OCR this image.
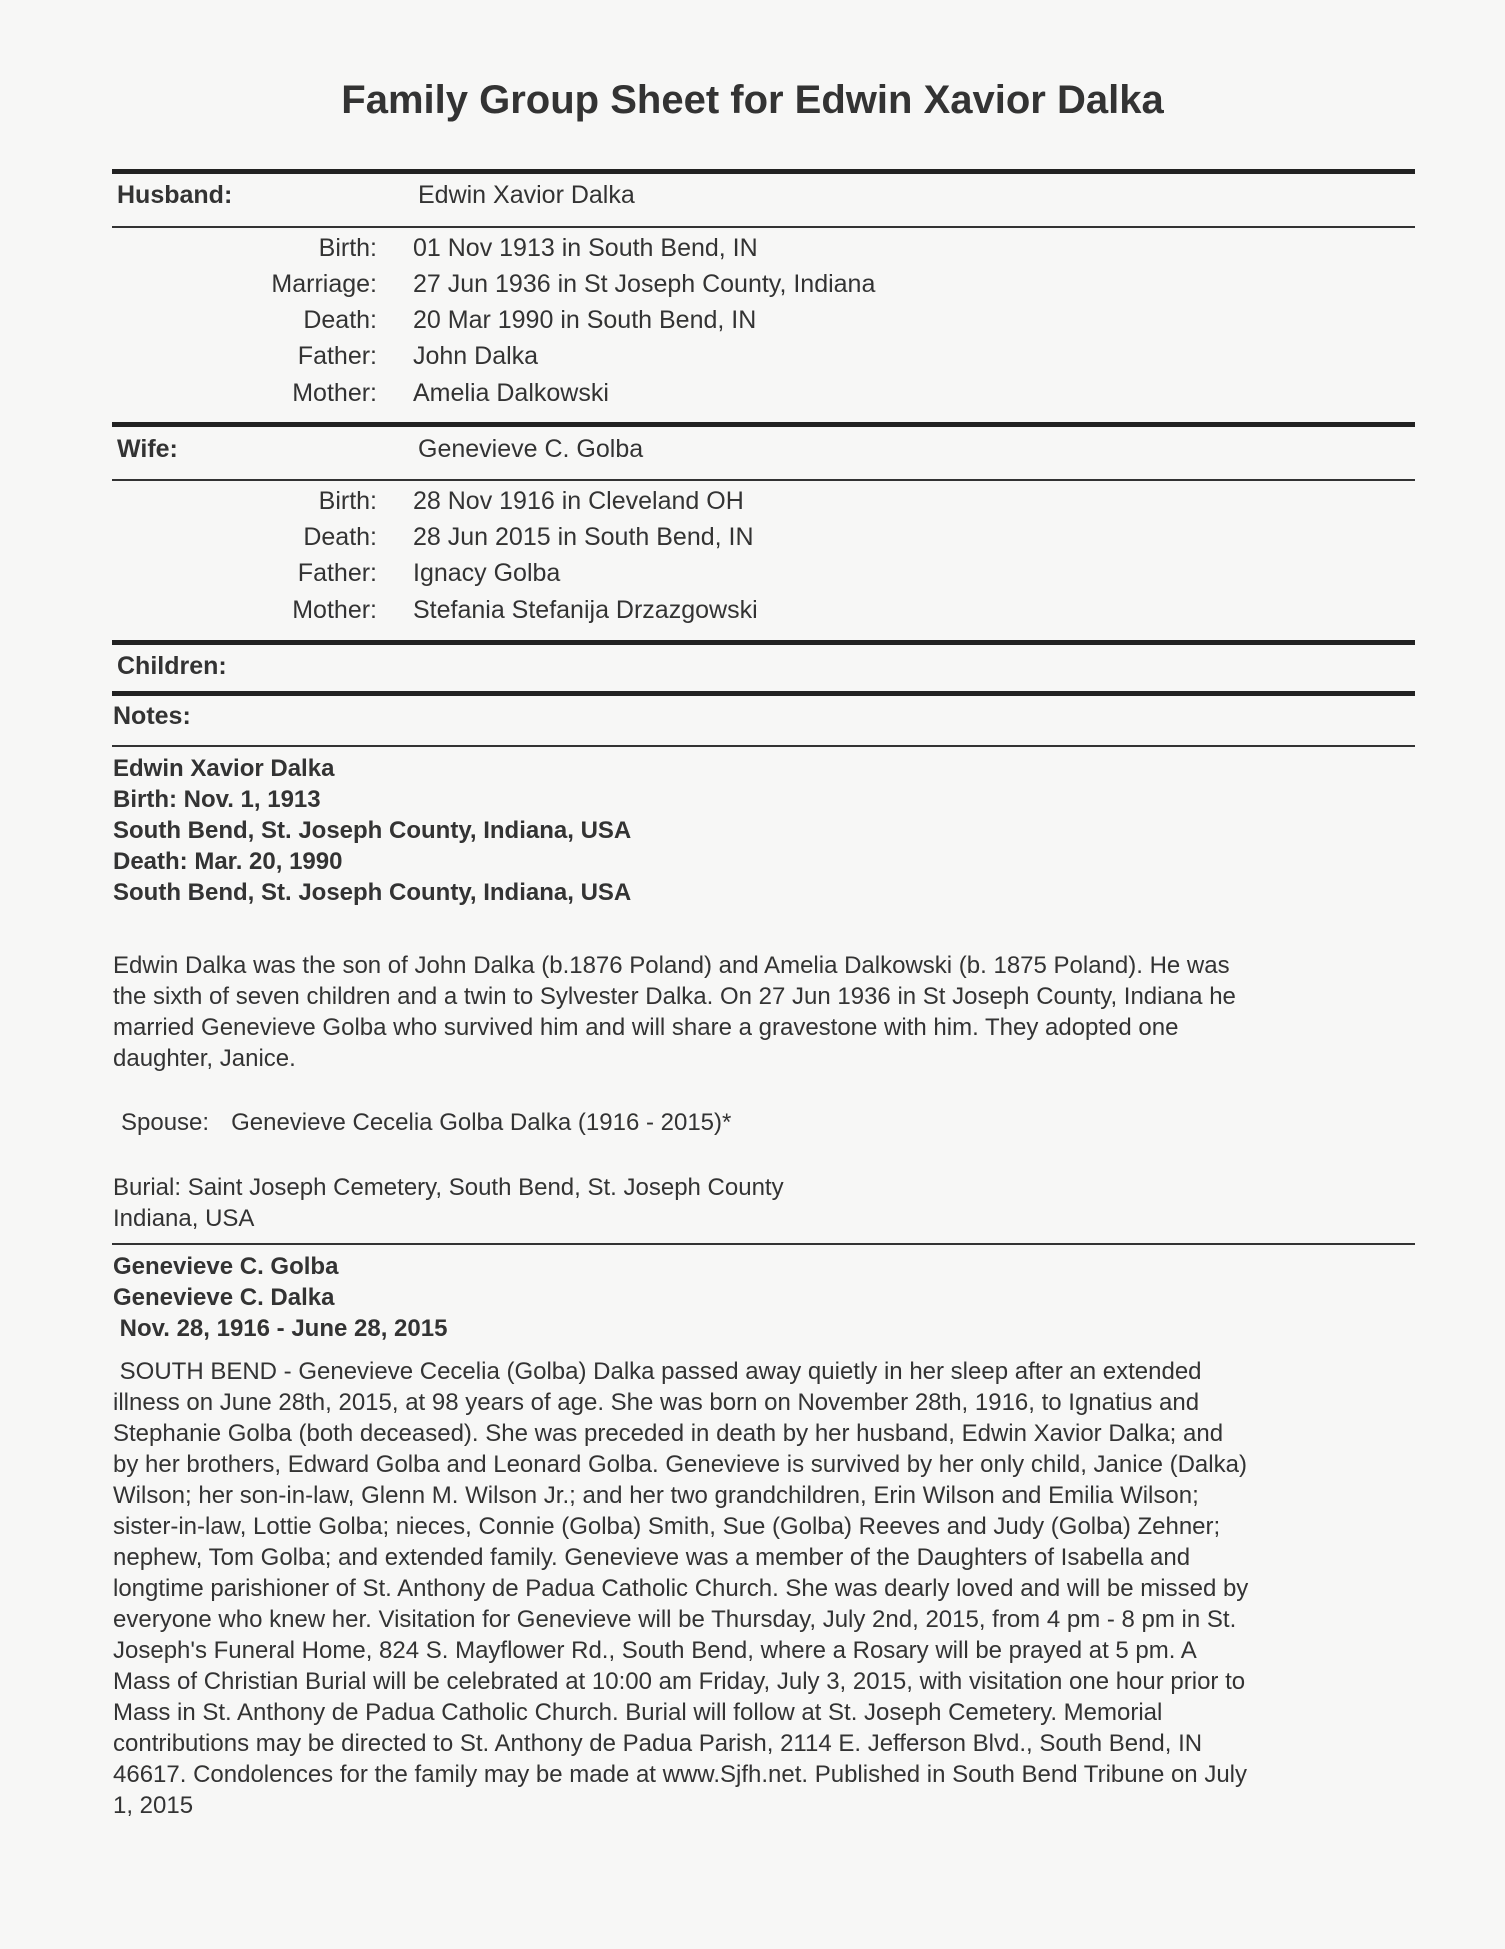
Family Group Sheet for Edwin Xavior Dalka
Husband:	Edwin Xavior Dalka
Birth: 01 Nov 1913 in South Bend, IN
Marriage: 27 Jun 1936 in St Joseph County, Indiana
Death: 20 Mar 1990 in South Bend, IN
Father: John Dalka
Mother: Amelia Dalkowski
Wife:	Genevieve C. Golba
Birth: 28 Nov 1916 in Cleveland OH
Death: 28 Jun 2015 in South Bend, IN
Father: Ignacy Golba
Mother: Stefania Stefanija Drzazgowski
Children:
Notes:
Edwin Xavior Dalka
Birth: Nov. 1, 1913
South Bend, St. Joseph County, Indiana, USA
Death: Mar. 20, 1990
South Bend, St. Joseph County, Indiana, USA
Edwin Dalka was the son of John Dalka (b.1876 Poland) and Amelia Dalkowski (b. 1875 Poland). He was
the sixth of seven children and a twin to Sylvester Dalka. On 27 Jun 1936 in St Joseph County, Indiana he
married Genevieve Golba who survived him and will share a gravestone with him. They adopted one
daughter, Janice.
Spouse: Genevieve Cecelia Golba Dalka (1916 - 2015)*
Burial: Saint Joseph Cemetery, South Bend, St. Joseph County
Indiana, USA
Genevieve C. Golba
Genevieve C. Dalka
Nov. 28, 1916 - June 28, 2015
SOUTH BEND - Genevieve Cecelia (Golba) Dalka passed away quietly in her sleep after an extended
illness on June 28th, 2015, at 98 years of age. She was born on November 28th, 1916, to Ignatius and
Stephanie Golba (both deceased). She was preceded in death by her husband, Edwin Xavior Dalka; and
by her brothers, Edward Golba and Leonard Golba. Genevieve is survived by her only child, Janice (Dalka)
Wilson; her son-in-law, Glenn M. Wilson Jr.; and her two grandchildren, Erin Wilson and Emilia Wilson;
sister-in-law, Lottie Golba; nieces, Connie (Golba) Smith, Sue (Golba) Reeves and Judy (Golba) Zehner;
nephew, Tom Golba; and extended family. Genevieve was a member of the Daughters of Isabella and
longtime parishioner of St. Anthony de Padua Catholic Church. She was dearly loved and will be missed by
everyone who knew her. Visitation for Genevieve will be Thursday, July 2nd, 2015, from 4 pm - 8 pm in St.
Joseph's Funeral Home, 824 S. Mayflower Rd., South Bend, where a Rosary will be prayed at 5 pm. A
Mass of Christian Burial will be celebrated at 10:00 am Friday, July 3, 2015, with visitation one hour prior to
Mass in St. Anthony de Padua Catholic Church. Burial will follow at St. Joseph Cemetery. Memorial
contributions may be directed to St. Anthony de Padua Parish, 2114 E. Jefferson Blvd., South Bend, IN
46617. Condolences for the family may be made at www.Sjfh.net. Published in South Bend Tribune on July
1, 2015
